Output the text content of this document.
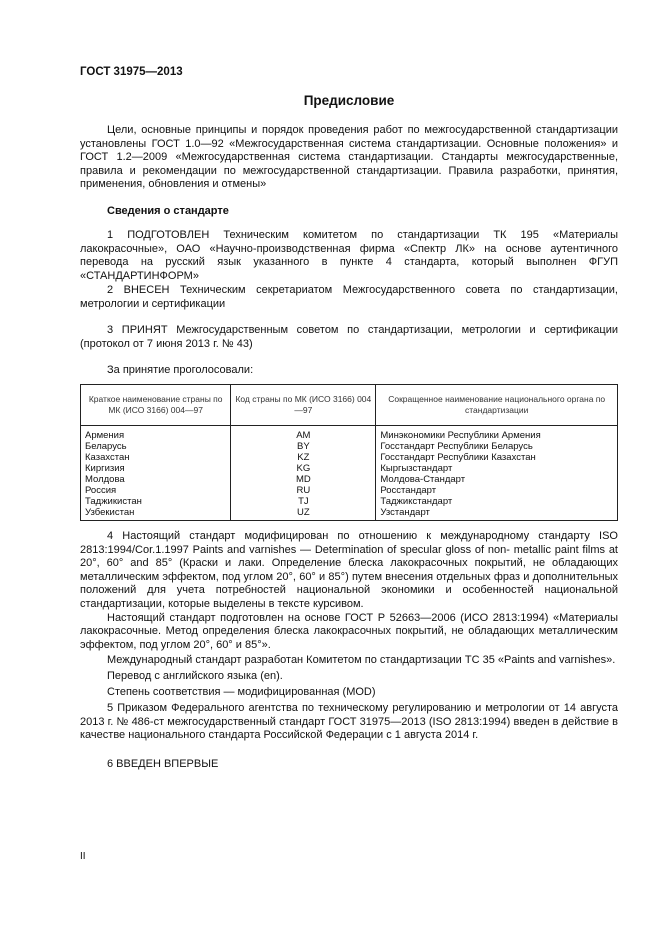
ГОСТ 31975—2013
Предисловие

Цели, основные принципы и порядок проведения работ по межгосударственной стандартизации установлены ГОСТ 1.0—92 «Межгосударственная система стандартизации. Основные положения» и ГОСТ 1.2—2009 «Межгосударственная система стандартизации. Стандарты межгосударственные, правила и рекомендации по межгосударственной стандартизации. Правила разработки, принятия, применения, обновления и отмены»

Сведения о стандарте

1 ПОДГОТОВЛЕН Техническим комитетом по стандартизации ТК 195 «Материалы лакокрасочные», ОАО «Научно-производственная фирма «Спектр ЛК» на основе аутентичного перевода на русский язык указанного в пункте 4 стандарта, который выполнен ФГУП «СТАНДАРТИНФОРМ»

2 ВНЕСЕН Техническим секретариатом Межгосударственного совета по стандартизации, метрологии и сертификации

3 ПРИНЯТ Межгосударственным советом по стандартизации, метрологии и сертификации (протокол от 7 июня 2013 г. № 43)

За принятие проголосовали:

Краткое наименование страны по МК (ИСО 3166) 004—97	Код страны по МК (ИСО 3166) 004—97	Сокращенное наименование национального органа по стандартизации
Армения	AM	Минэкономики Республики Армения
Беларусь	BY	Госстандарт Республики Беларусь
Казахстан	KZ	Госстандарт Республики Казахстан
Киргизия	KG	Кыргызстандарт
Молдова	MD	Молдова-Стандарт
Россия	RU	Росстандарт
Таджикистан	TJ	Таджикстандарт
Узбекистан	UZ	Узстандарт

4 Настоящий стандарт модифицирован по отношению к международному стандарту ISO 2813:1994/Cor.1.1997 Paints and varnishes — Determination of specular gloss of non- metallic paint films at 20°, 60° and 85° (Краски и лаки. Определение блеска лакокрасочных покрытий, не обладающих металлическим эффектом, под углом 20°, 60° и 85°) путем внесения отдельных фраз и дополнительных положений для учета потребностей национальной экономики и особенностей национальной стандартизации, которые выделены в тексте курсивом.

Настоящий стандарт подготовлен на основе ГОСТ Р 52663—2006 (ИСО 2813:1994) «Материалы лакокрасочные. Метод определения блеска лакокрасочных покрытий, не обладающих металлическим эффектом, под углом 20°, 60° и 85°».

Международный стандарт разработан Комитетом по стандартизации ТС 35 «Paints and varnishes».

Перевод с английского языка (en).

Степень соответствия — модифицированная (MOD)

5 Приказом Федерального агентства по техническому регулированию и метрологии от 14 августа 2013 г. № 486-ст межгосударственный стандарт ГОСТ 31975—2013 (ISO 2813:1994) введен в действие в качестве национального стандарта Российской Федерации с 1 августа 2014 г.

6 ВВЕДЕН ВПЕРВЫЕ

II
